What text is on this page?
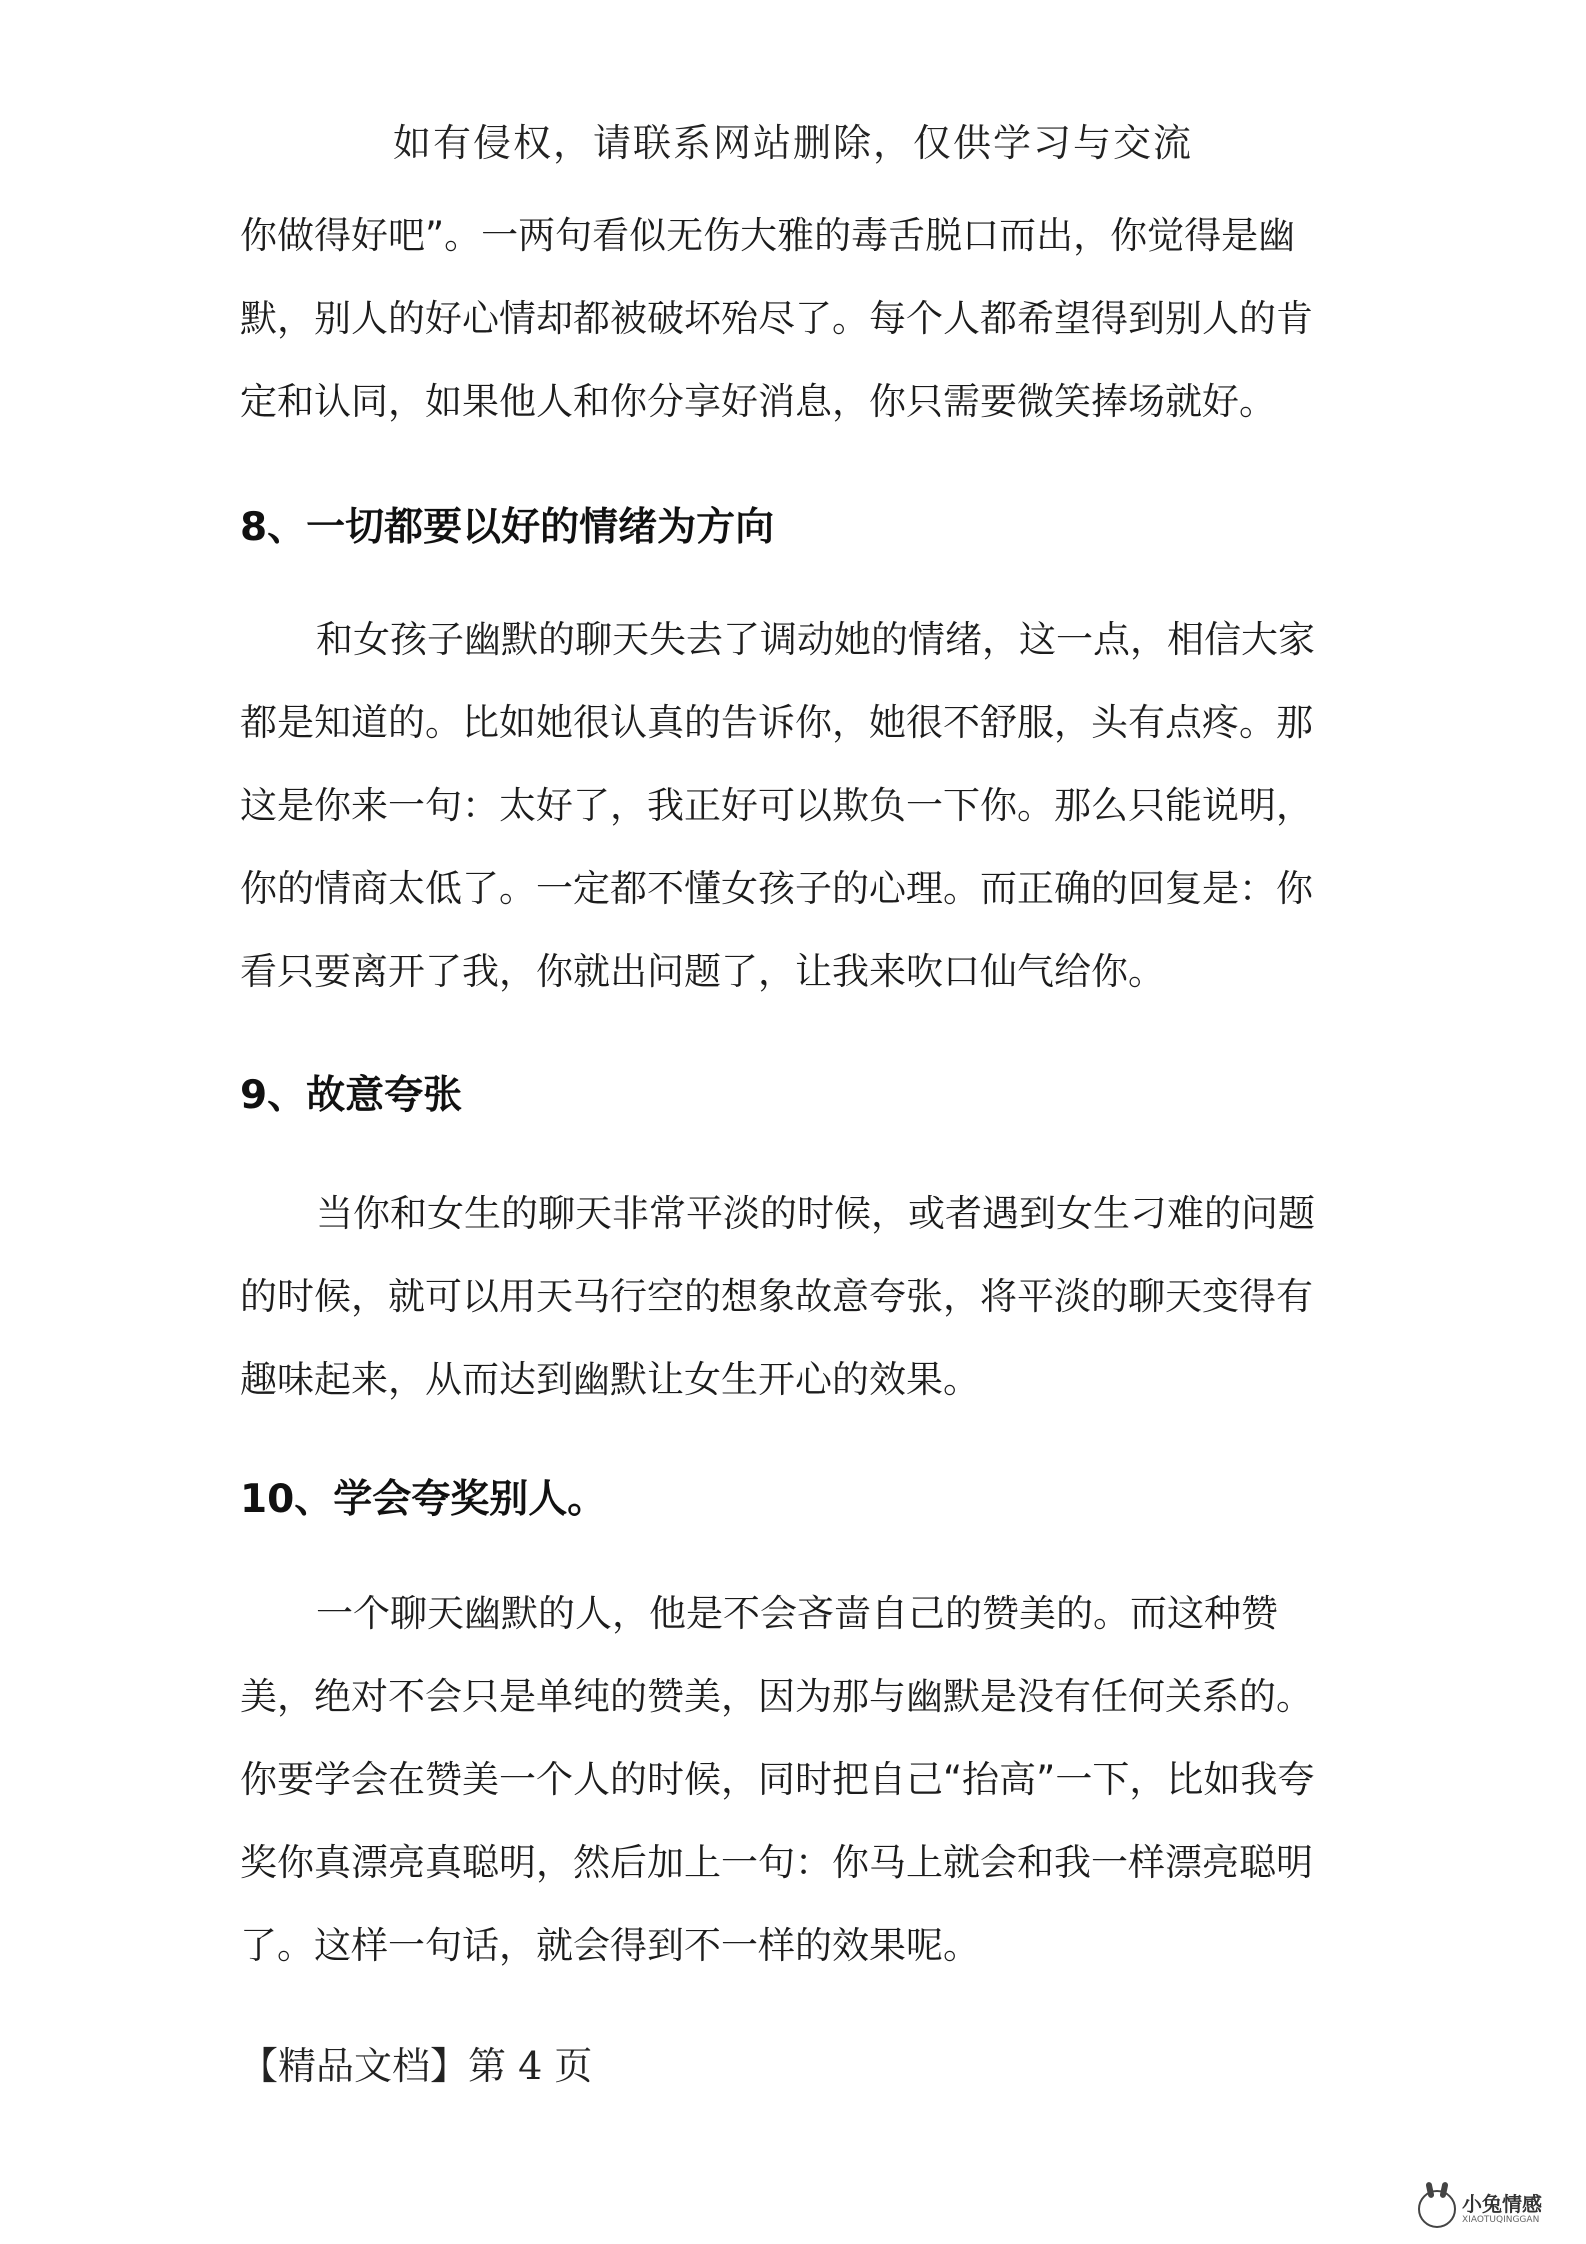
如有侵权，请联系网站删除，仅供学习与交流

你做得好吧”。一两句看似无伤大雅的毒舌脱口而出，你觉得是幽默，别人的好心情却都被破坏殆尽了。每个人都希望得到别人的肯定和认同，如果他人和你分享好消息，你只需要微笑捧场就好。

8、一切都要以好的情绪为方向

和女孩子幽默的聊天失去了调动她的情绪，这一点，相信大家都是知道的。比如她很认真的告诉你，她很不舒服，头有点疼。那这是你来一句：太好了，我正好可以欺负一下你。那么只能说明，你的情商太低了。一定都不懂女孩子的心理。而正确的回复是：你看只要离开了我，你就出问题了，让我来吹口仙气给你。

9、故意夸张

当你和女生的聊天非常平淡的时候，或者遇到女生刁难的问题的时候，就可以用天马行空的想象故意夸张，将平淡的聊天变得有趣味起来，从而达到幽默让女生开心的效果。

10、学会夸奖别人。

一个聊天幽默的人，他是不会吝啬自己的赞美的。而这种赞美，绝对不会只是单纯的赞美，因为那与幽默是没有任何关系的。你要学会在赞美一个人的时候，同时把自己“抬高”一下，比如我夸奖你真漂亮真聪明，然后加上一句：你马上就会和我一样漂亮聪明了。这样一句话，就会得到不一样的效果呢。

【精品文档】第 4 页
小兔情感
XIAOTUQINGGAN
